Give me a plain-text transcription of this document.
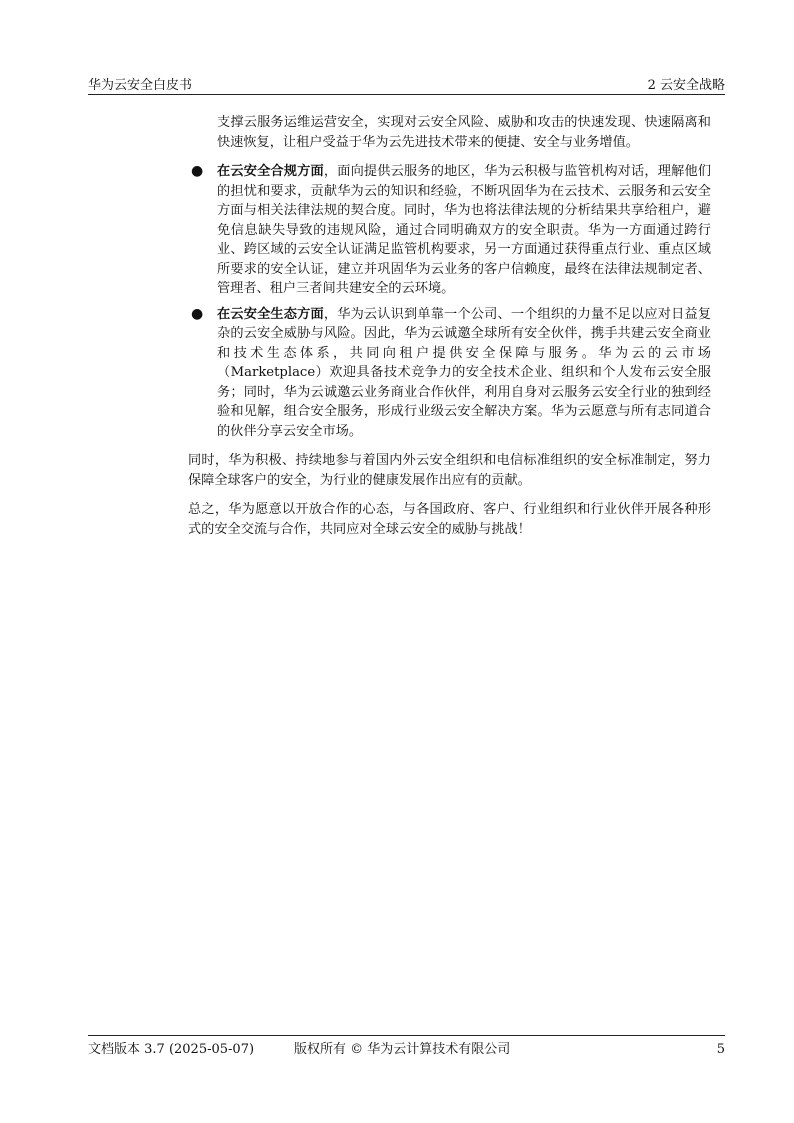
华为云安全白皮书	2 云安全战略

支撑云服务运维运营安全，实现对云安全风险、威胁和攻击的快速发现、快速隔离和快速恢复，让租户受益于华为云先进技术带来的便捷、安全与业务增值。

● 在云安全合规方面，面向提供云服务的地区，华为云积极与监管机构对话，理解他们的担忧和要求，贡献华为云的知识和经验，不断巩固华为在云技术、云服务和云安全方面与相关法律法规的契合度。同时，华为也将法律法规的分析结果共享给租户，避免信息缺失导致的违规风险，通过合同明确双方的安全职责。华为一方面通过跨行业、跨区域的云安全认证满足监管机构要求，另一方面通过获得重点行业、重点区域所要求的安全认证，建立并巩固华为云业务的客户信赖度，最终在法律法规制定者、管理者、租户三者间共建安全的云环境。
● 在云安全生态方面，华为云认识到单靠一个公司、一个组织的力量不足以应对日益复杂的云安全威胁与风险。因此，华为云诚邀全球所有安全伙伴，携手共建云安全商业和技术生态体系，共同向租户提供安全保障与服务。华为云的云市场（Marketplace）欢迎具备技术竞争力的安全技术企业、组织和个人发布云安全服务；同时，华为云诚邀云业务商业合作伙伴，利用自身对云服务云安全行业的独到经验和见解，组合安全服务，形成行业级云安全解决方案。华为云愿意与所有志同道合的伙伴分享云安全市场。

同时，华为积极、持续地参与着国内外云安全组织和电信标准组织的安全标准制定，努力保障全球客户的安全，为行业的健康发展作出应有的贡献。

总之，华为愿意以开放合作的心态，与各国政府、客户、行业组织和行业伙伴开展各种形式的安全交流与合作，共同应对全球云安全的威胁与挑战！

文档版本 3.7 (2025-05-07)	版权所有 © 华为云计算技术有限公司	5
